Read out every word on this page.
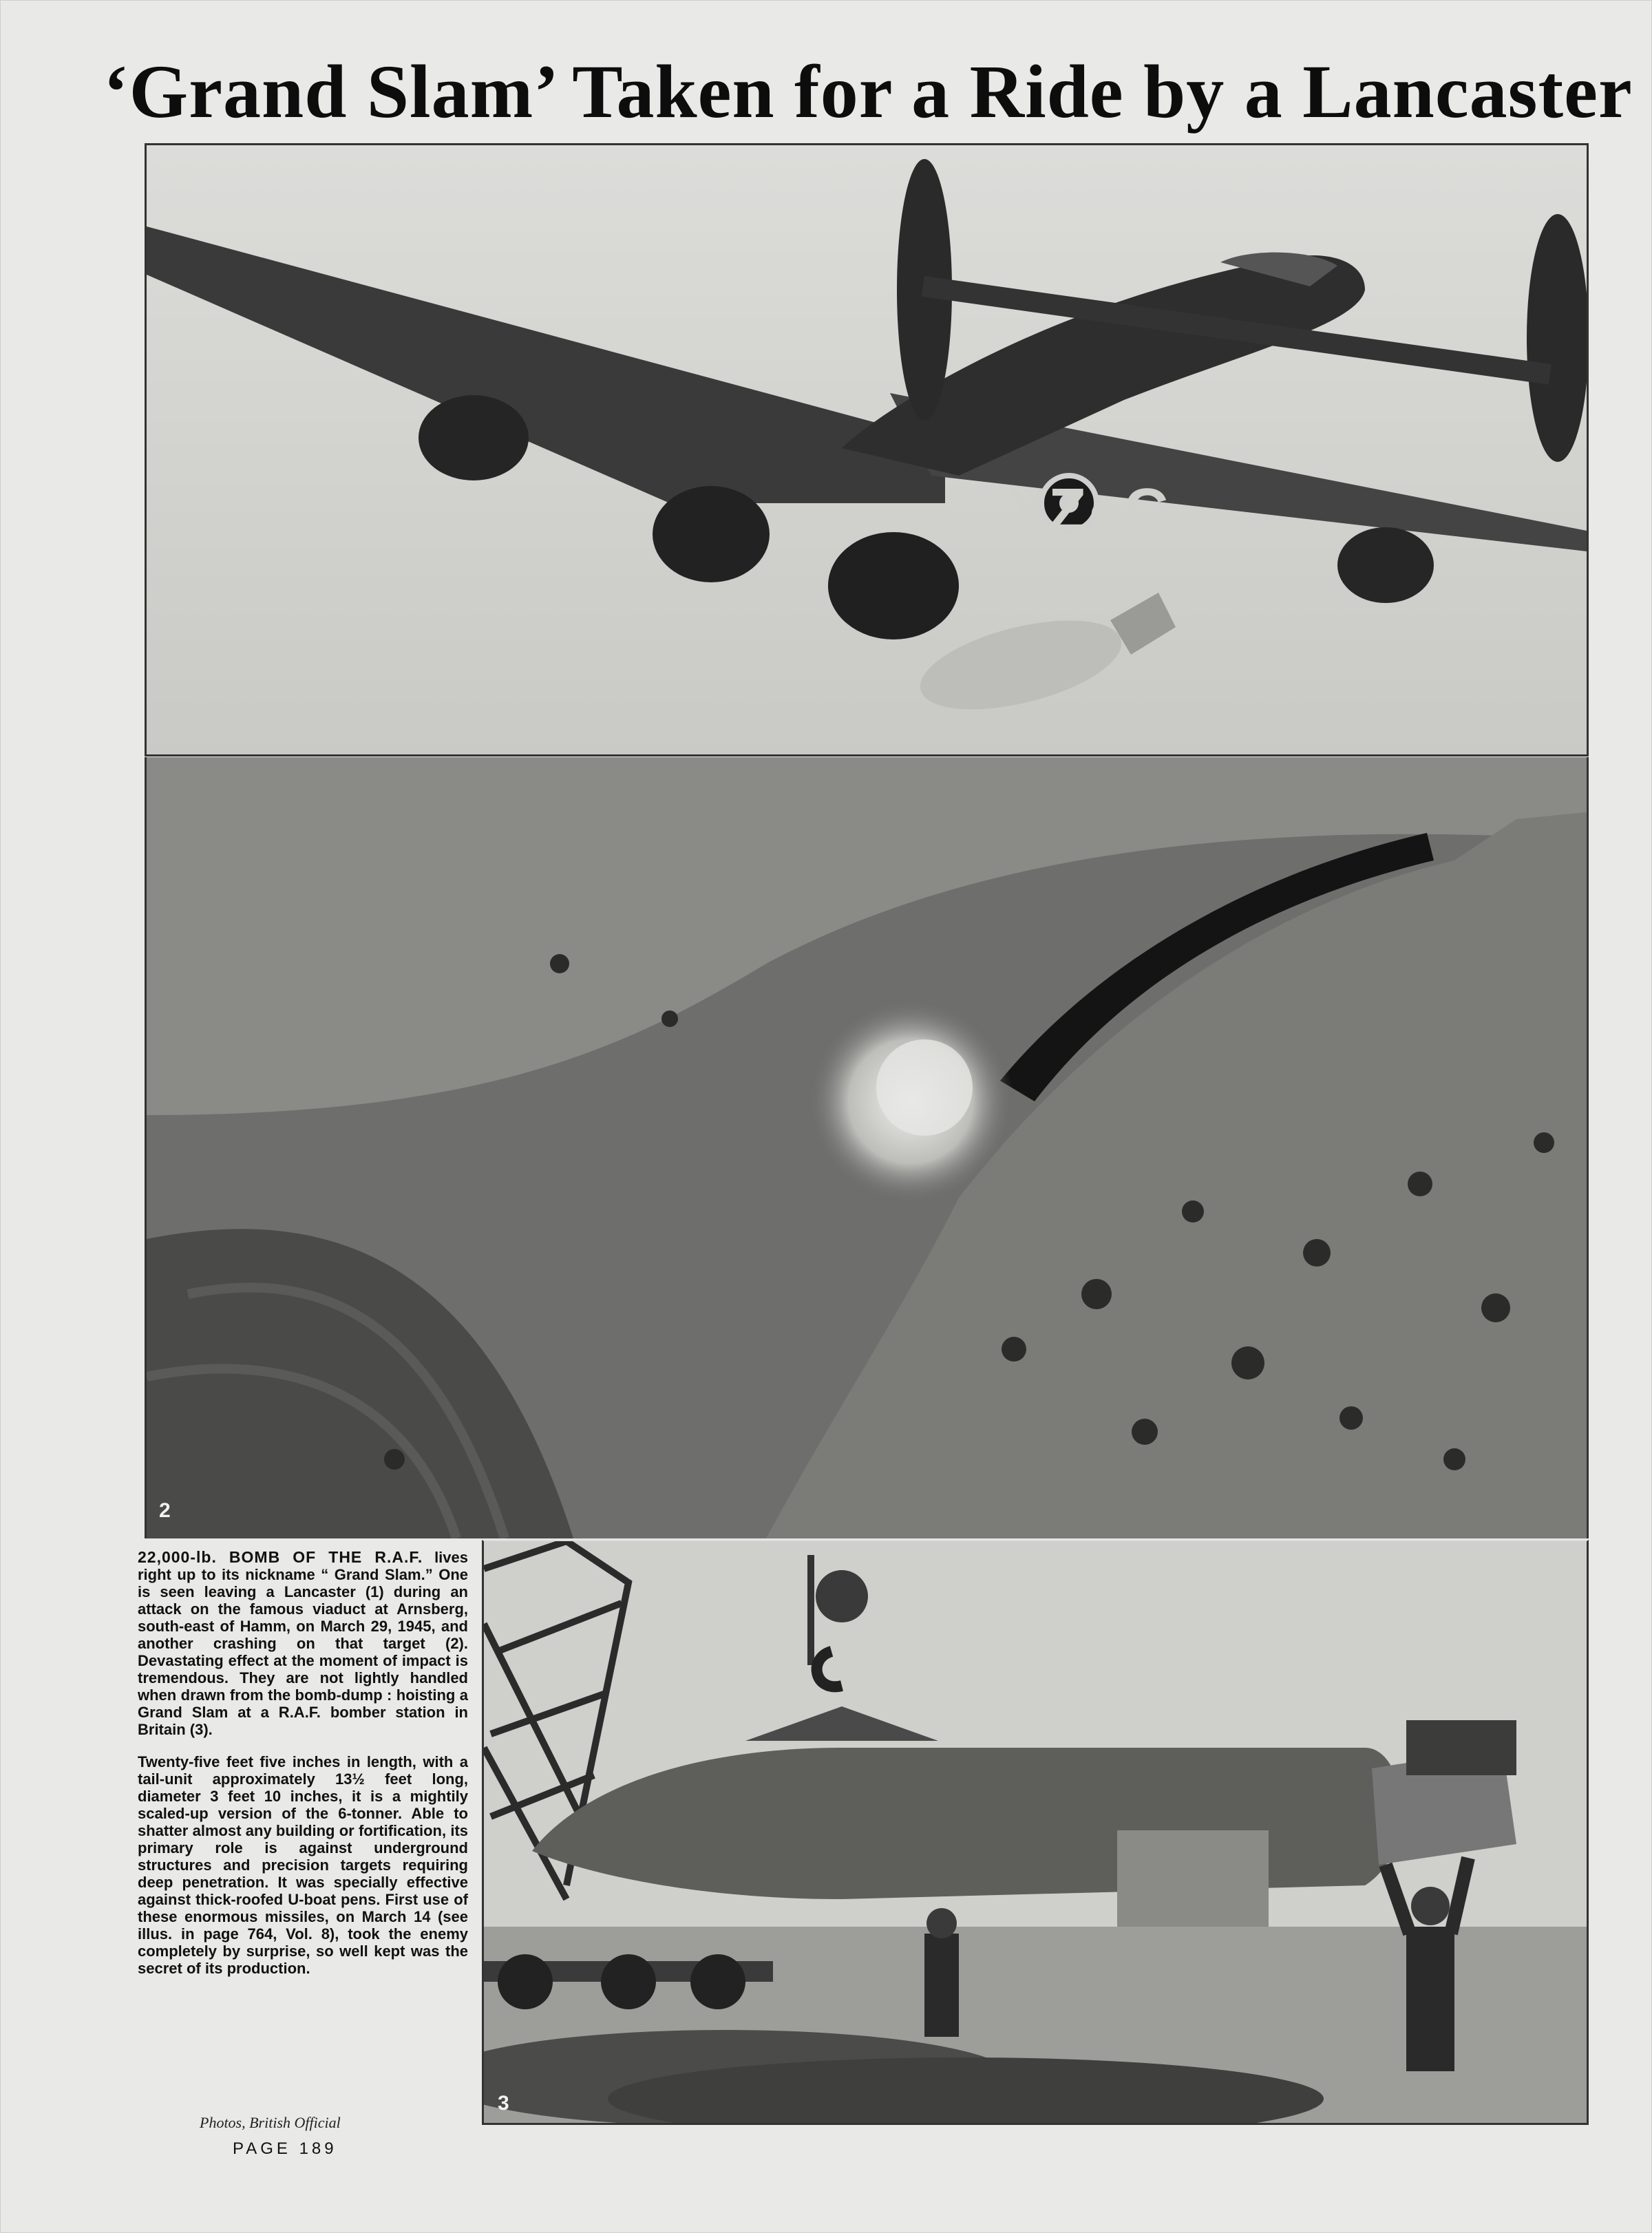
‘Grand Slam’ Taken for a Ride by a Lancaster
YZ●C
2
3

22,000-lb. BOMB OF THE R.A.F. lives right up to its nickname “ Grand Slam.” One is seen leaving a Lancaster (1) during an attack on the famous viaduct at Arnsberg, south-east of Hamm, on March 29, 1945, and another crashing on that target (2). Devastating effect at the moment of impact is tremendous. They are not lightly handled when drawn from the bomb-dump : hoisting a Grand Slam at a R.A.F. bomber station in Britain (3).

Twenty-five feet five inches in length, with a tail-unit approximately 13½ feet long, diameter 3 feet 10 inches, it is a mightily scaled-up version of the 6-tonner. Able to shatter almost any building or fortification, its primary role is against underground structures and precision targets requiring deep penetration. It was specially effective against thick-roofed U-boat pens. First use of these enormous missiles, on March 14 (see illus. in page 764, Vol. 8), took the enemy completely by surprise, so well kept was the secret of its production.

Photos, British Official
PAGE 189
